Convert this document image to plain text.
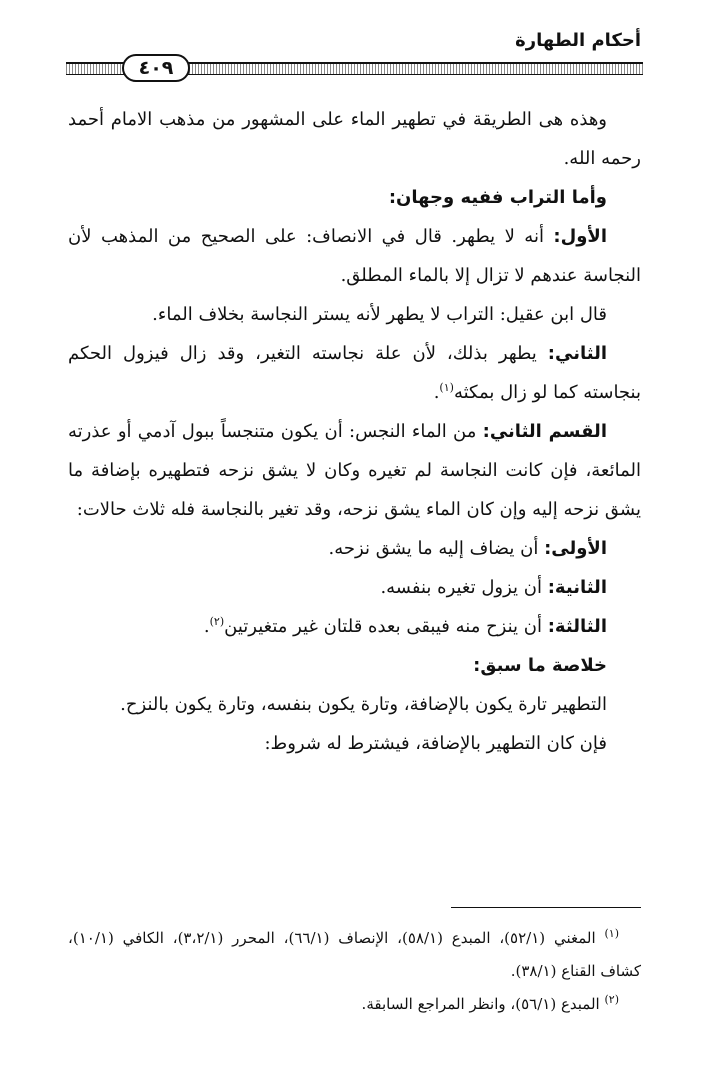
أحكام الطهارة
٤٠٩

وهذه هى الطريقة في تطهير الماء على المشهور من مذهب الامام أحمد رحمه الله.

وأما التراب ففيه وجهان:

الأول: أنه لا يطهر. قال في الانصاف: على الصحيح من المذهب لأن النجاسة عندهم لا تزال إلا بالماء المطلق.

قال ابن عقيل: التراب لا يطهر لأنه يستر النجاسة بخلاف الماء.

الثاني: يطهر بذلك، لأن علة نجاسته التغير، وقد زال فيزول الحكم بنجاسته كما لو زال بمكثه$^{(١)}$.

القسم الثاني: من الماء النجس: أن يكون متنجساً ببول آدمي أو عذرته المائعة، فإن كانت النجاسة لم تغيره وكان لا يشق نزحه فتطهيره بإضافة ما يشق نزحه إليه وإن كان الماء يشق نزحه، وقد تغير بالنجاسة فله ثلاث حالات:

الأولى: أن يضاف إليه ما يشق نزحه.

الثانية: أن يزول تغيره بنفسه.

الثالثة: أن ينزح منه فيبقى بعده قلتان غير متغيرتين$^{(٢)}$.

خلاصة ما سبق:

التطهير تارة يكون بالإضافة، وتارة يكون بنفسه، وتارة يكون بالنزح.

فإن كان التطهير بالإضافة، فيشترط له شروط:

$^{(١)}$ المغني (٥٢/١)، المبدع (٥٨/١)، الإنصاف (٦٦/١)، المحرر (٣،٢/١)، الكافي (١٠/١)، كشاف القناع (٣٨/١).

$^{(٢)}$ المبدع (٥٦/١)، وانظر المراجع السابقة.
